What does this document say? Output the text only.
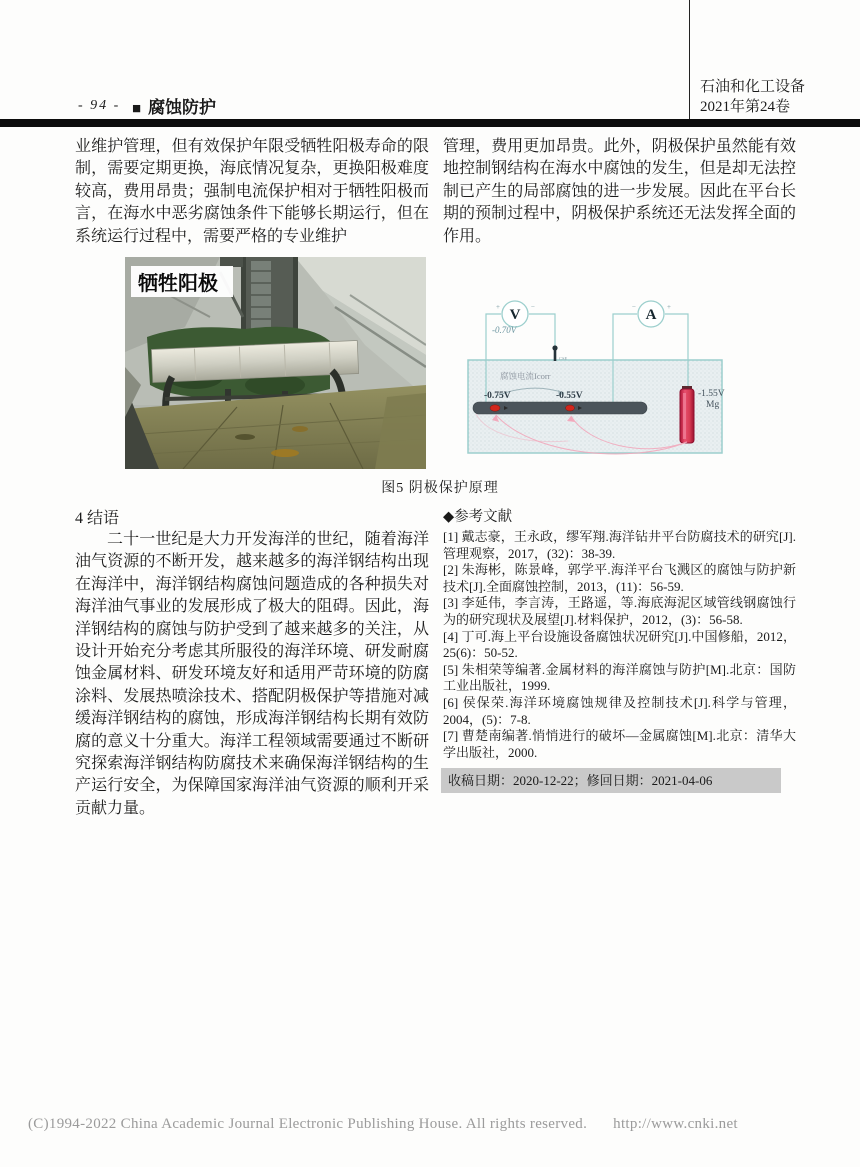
- 94 - ■ 腐蚀防护
石油和化工设备
2021年第24卷
业维护管理，但有效保护年限受牺牲阳极寿命的限制，需要定期更换，海底情况复杂，更换阳极难度较高，费用昂贵；强制电流保护相对于牺牲阳极而言，在海水中恶劣腐蚀条件下能够长期运行，但在系统运行过程中，需要严格的专业维护
管理，费用更加昂贵。此外，阴极保护虽然能有效地控制钢结构在海水中腐蚀的发生，但是却无法控制已产生的局部腐蚀的进一步发展。因此在平台长期的预制过程中，阴极保护系统还无法发挥全面的作用。
牺牲阳极
V
+	−
-0.70V
A
−	+
CSE
腐蚀电流Icorr
-0.75V	-0.55V	-1.55V
Mg
图5 阴极保护原理
4 结语
二十一世纪是大力开发海洋的世纪，随着海洋油气资源的不断开发，越来越多的海洋钢结构出现在海洋中，海洋钢结构腐蚀问题造成的各种损失对海洋油气事业的发展形成了极大的阻碍。因此，海洋钢结构的腐蚀与防护受到了越来越多的关注，从设计开始充分考虑其所服役的海洋环境、研发耐腐蚀金属材料、研发环境友好和适用严苛环境的防腐涂料、发展热喷涂技术、搭配阴极保护等措施对减缓海洋钢结构的腐蚀，形成海洋钢结构长期有效防腐的意义十分重大。海洋工程领域需要通过不断研究探索海洋钢结构防腐技术来确保海洋钢结构的生产运行安全，为保障国家海洋油气资源的顺利开采贡献力量。
◆参考文献

[1] 戴志豪，王永政，缪军翔.海洋钻井平台防腐技术的研究[J].管理观察，2017，(32)：38-39.

[2] 朱海彬，陈景峰，郭学平.海洋平台飞溅区的腐蚀与防护新技术[J].全面腐蚀控制，2013，(11)：56-59.

[3] 李延伟，李言涛，王路遥，等.海底海泥区域管线钢腐蚀行为的研究现状及展望[J].材料保护，2012，(3)：56-58.

[4] 丁可.海上平台设施设备腐蚀状况研究[J].中国修船，2012，25(6)：50-52.

[5] 朱相荣等编著.金属材料的海洋腐蚀与防护[M].北京：国防工业出版社，1999.

[6] 侯保荣.海洋环境腐蚀规律及控制技术[J].科学与管理，2004，(5)：7-8.

[7] 曹楚南编著.悄悄进行的破坏—金属腐蚀[M].北京：清华大学出版社，2000.

收稿日期：2020-12-22；修回日期：2021-04-06
(C)1994-2022 China Academic Journal Electronic Publishing House. All rights reserved. http://www.cnki.net
